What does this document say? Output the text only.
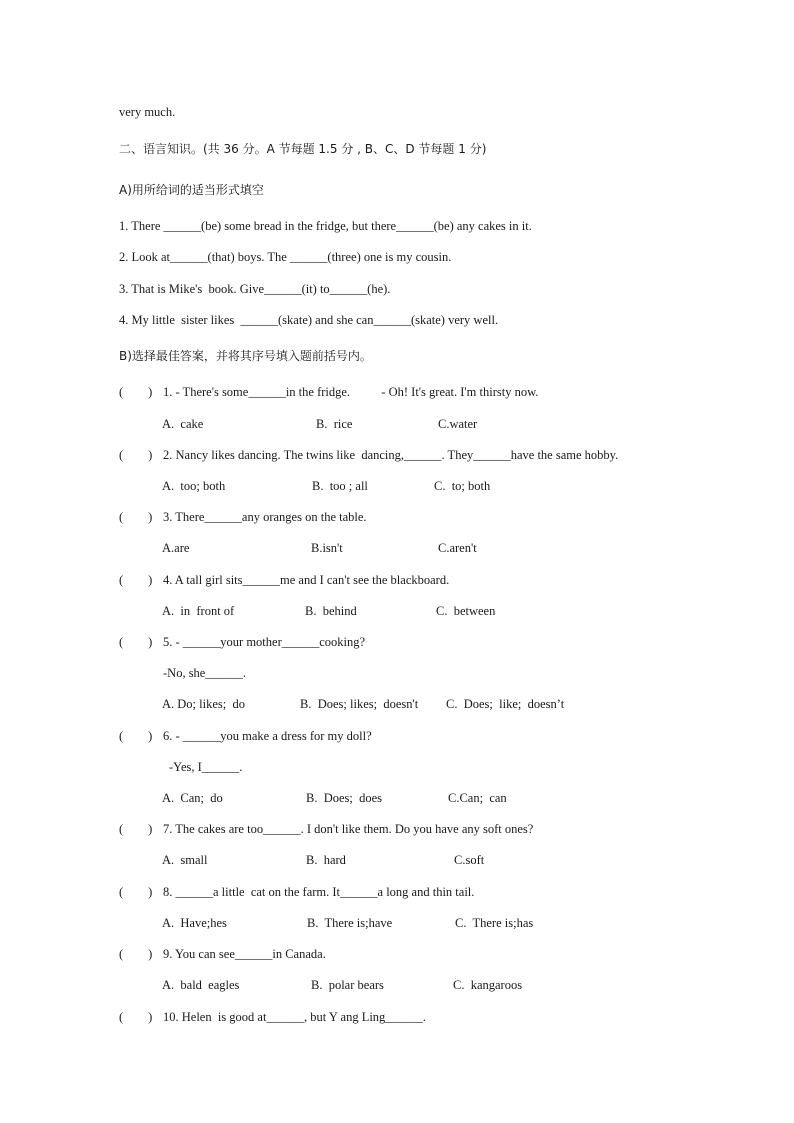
very much.
二、语言知识。(共 36 分。A 节每题 1.5 分 , B、C、D 节每题 1 分)
A)用所给词的适当形式填空
1. There ______(be) some bread in the fridge, but there______(be) any cakes in it.
2. Look at______(that) boys. The ______(three) one is my cousin.
3. That is Mike's  book. Give______(it) to______(he).
4. My little  sister likes  ______(skate) and she can______(skate) very well.
B)选择最佳答案，并将其序号填入题前括号内。
(        ) 1. - There's some______in the fridge.          - Oh! It's great. I'm thirsty now.
A.  cake	B.  rice	C.water
(        ) 2. Nancy likes dancing. The twins like  dancing,______. They______have the same hobby.
A.  too; both	B.  too ; all	C.  to; both
(        ) 3. There______any oranges on the table.
A.are	B.isn't	C.aren't
(        ) 4. A tall girl sits______me and I can't see the blackboard.
A.  in  front of	B.  behind	C.  between
(        ) 5. - ______your mother______cooking?
-No, she______.
A. Do; likes;  do	B.  Does; likes;  doesn't C.  Does;  like;  doesn’t
(        ) 6. - ______you make a dress for my doll?
-Yes, I______.
A.  Can;  do	B.  Does;  does	C.Can;  can
(        ) 7. The cakes are too______. I don't like them. Do you have any soft ones?
A.  small	B.  hard	C.soft
(        ) 8. ______a little  cat on the farm. It______a long and thin tail.
A.  Have;hes	B.  There is;have	C.  There is;has
(        ) 9. You can see______in Canada.
A.  bald  eagles	B.  polar bears	C.  kangaroos
(        ) 10. Helen  is good at______, but Y ang Ling______.
